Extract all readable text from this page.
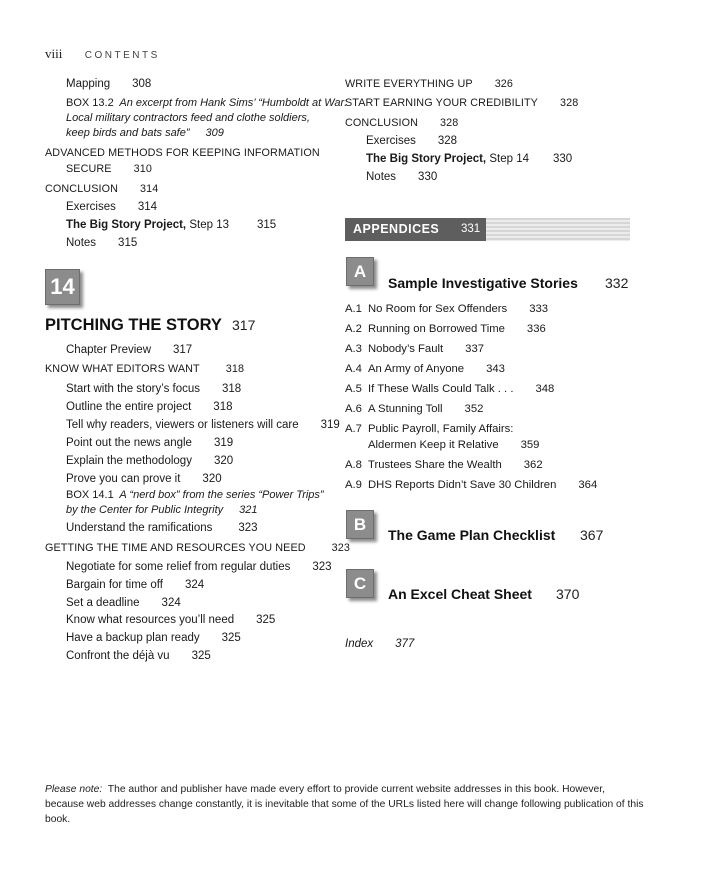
viii CONTENTS
Mapping 308
BOX 13.2 An excerpt from Hank Sims’ “Humboldt at War:
Local military contractors feed and clothe soldiers,
keep birds and bats safe” 309
ADVANCED METHODS FOR KEEPING INFORMATION
SECURE 310
CONCLUSION 314
Exercises 314
The Big Story Project, Step 13 315
Notes 315
14
PITCHING THE STORY 317
Chapter Preview 317
KNOW WHAT EDITORS WANT 318
Start with the story’s focus 318
Outline the entire project 318
Tell why readers, viewers or listeners will care 319
Point out the news angle 319
Explain the methodology 320
Prove you can prove it 320
BOX 14.1 A “nerd box” from the series “Power Trips”
by the Center for Public Integrity 321
Understand the ramifications 323
GETTING THE TIME AND RESOURCES YOU NEED 323
Negotiate for some relief from regular duties 323
Bargain for time off 324
Set a deadline 324
Know what resources you’ll need 325
Have a backup plan ready 325
Confront the déjà vu 325
WRITE EVERYTHING UP 326
START EARNING YOUR CREDIBILITY 328
CONCLUSION 328
Exercises 328
The Big Story Project, Step 14 330
Notes 330
APPENDICES 331
A
Sample Investigative Stories 332
A.1 No Room for Sex Offenders 333
A.2 Running on Borrowed Time 336
A.3 Nobody’s Fault 337
A.4 An Army of Anyone 343
A.5 If These Walls Could Talk . . . 348
A.6 A Stunning Toll 352
A.7 Public Payroll, Family Affairs:
Aldermen Keep it Relative 359
A.8 Trustees Share the Wealth 362
A.9 DHS Reports Didn’t Save 30 Children 364
B
The Game Plan Checklist 367
C
An Excel Cheat Sheet 370
Index 377
Please note: The author and publisher have made every effort to provide current website addresses in this book. However, because web addresses change constantly, it is inevitable that some of the URLs listed here will change following publication of this book.
